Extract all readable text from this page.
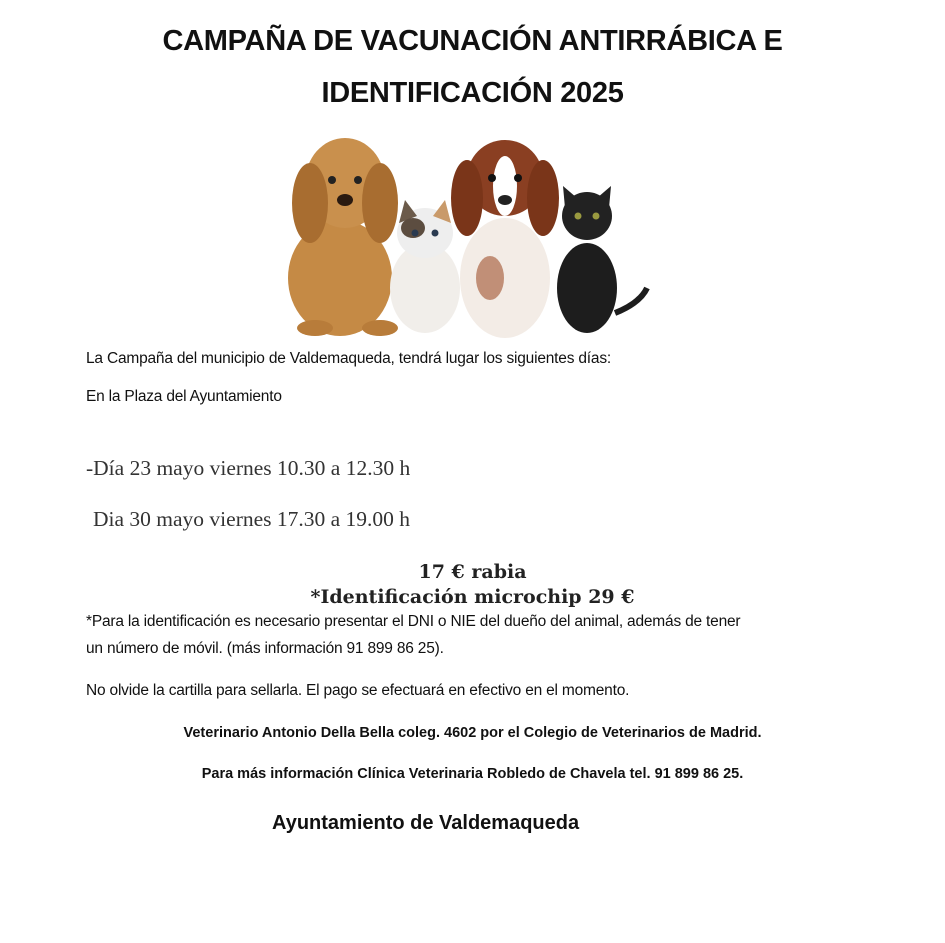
CAMPAÑA DE VACUNACIÓN ANTIRRÁBICA E
IDENTIFICACIÓN 2025
La Campaña del municipio de Valdemaqueda, tendrá lugar los siguientes días:
En la Plaza del Ayuntamiento
-Día 23 mayo viernes 10.30 a 12.30 h
Dia 30 mayo viernes 17.30 a 19.00 h
17 € rabia
*Identificación microchip 29 €
*Para la identificación es necesario presentar el DNI o NIE del dueño del animal, además de tener
un número de móvil. (más información 91 899 86 25).
No olvide la cartilla para sellarla. El pago se efectuará en efectivo en el momento.
Veterinario Antonio Della Bella coleg. 4602 por el Colegio de Veterinarios de Madrid.
Para más información Clínica Veterinaria Robledo de Chavela tel. 91 899 86 25.
Ayuntamiento de Valdemaqueda
